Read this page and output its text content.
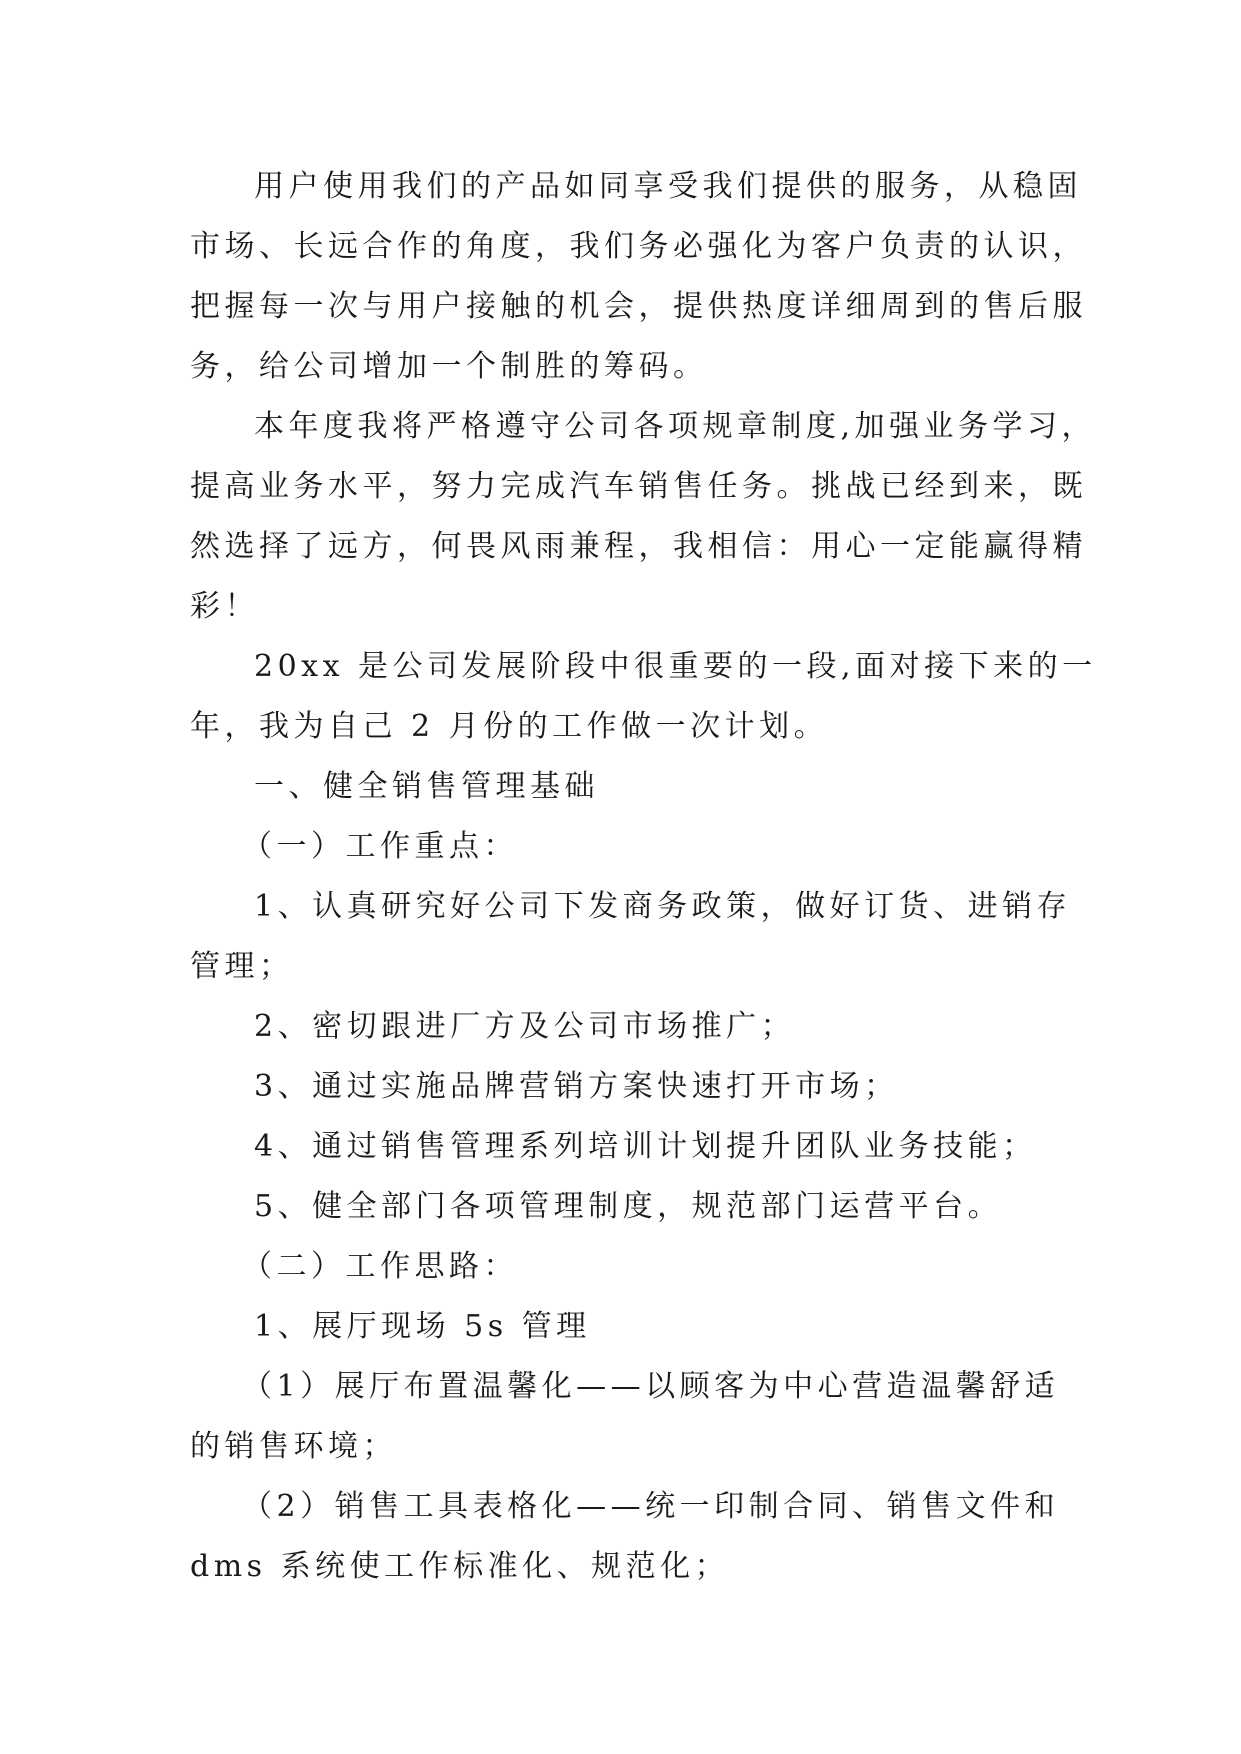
用户使用我们的产品如同享受我们提供的服务，从稳固
市场、长远合作的角度，我们务必强化为客户负责的认识，
把握每一次与用户接触的机会，提供热度详细周到的售后服
务，给公司增加一个制胜的筹码。

本年度我将严格遵守公司各项规章制度,加强业务学习，
提高业务水平，努力完成汽车销售任务。挑战已经到来，既
然选择了远方，何畏风雨兼程，我相信：用心一定能赢得精
彩！

20xx 是公司发展阶段中很重要的一段,面对接下来的一
年，我为自己 2 月份的工作做一次计划。

一、健全销售管理基础

（一）工作重点：

1、认真研究好公司下发商务政策，做好订货、进销存
管理；

2、密切跟进厂方及公司市场推广；

3、通过实施品牌营销方案快速打开市场；

4、通过销售管理系列培训计划提升团队业务技能；

5、健全部门各项管理制度，规范部门运营平台。

（二）工作思路：

1、展厅现场 5s 管理

（1）展厅布置温馨化——以顾客为中心营造温馨舒适
的销售环境；

（2）销售工具表格化——统一印制合同、销售文件和
dms 系统使工作标准化、规范化；
